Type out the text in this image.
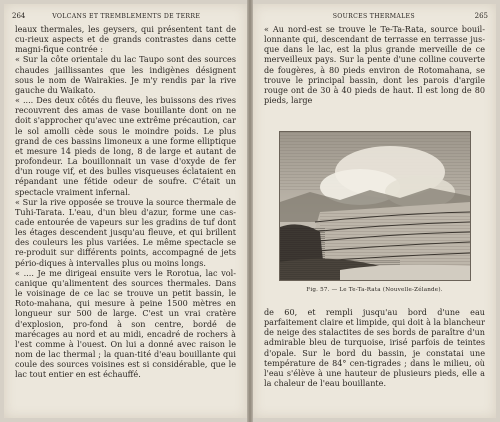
264	VOLCANS ET TREMBLEMENTS DE TERRE

leaux thermales, les geysers, qui présentent tant de cu-rieux aspects et de grands contrastes dans cette magni-fique contrée :

« Sur la côte orientale du lac Taupo sont des sources chaudes jaillissantes que les indigènes désignent sous le nom de Wairakies. Je m'y rendis par la rive gauche du Waikato.

« .... Des deux côtés du fleuve, les buissons des rives recouvrent des amas de vase bouillante dont on ne doit s'approcher qu'avec une extrême précaution, car le sol amolli cède sous le moindre poids. Le plus grand de ces bassins limoneux a une forme elliptique et mesure 14 pieds de long, 8 de large et autant de profondeur. La bouillonnait un vase d'oxyde de fer d'un rouge vif, et des bulles visqueuses éclataient en répandant une fétide odeur de soufre. C'était un spectacle vraiment infernal.

« Sur la rive opposée se trouve la source thermale de Tuhi-Tarata. L'eau, d'un bleu d'azur, forme une cas-cade entourée de vapeurs sur les gradins de tuf dont les étages descendent jusqu'au fleuve, et qui brillent des couleurs les plus variées. Le même spectacle se re-produit sur différents points, accompagné de jets pério-diques à intervalles plus ou moins longs.

« .... Je me dirigeai ensuite vers le Rorotua, lac vol-canique qu'alimentent des sources thermales. Dans le voisinage de ce lac se trouve un petit bassin, le Roto-mahana, qui mesure à peine 1500 mètres en longueur sur 500 de large. C'est un vrai cratère d'explosion, pro-fond à son centre, bordé de marécages au nord et au midi, encadré de rochers à l'est comme à l'ouest. On lui a donné avec raison le nom de lac thermal ; la quan-tité d'eau bouillante qui coule des sources voisines est si considérable, que le lac tout entier en est échauffé.

SOURCES THERMALES	265

« Au nord-est se trouve le Te-Ta-Rata, source bouil-lonnante qui, descendant de terrasse en terrasse jus-que dans le lac, est la plus grande merveille de ce merveilleux pays. Sur la pente d'une colline couverte de fougères, à 80 pieds environ de Rotomahana, se trouve le principal bassin, dont les parois d'argile rouge ont de 30 à 40 pieds de haut. Il est long de 80 pieds, large

Fig. 57. — Le Te-Ta-Rata (Nouvelle-Zélande).

de 60, et rempli jusqu'au bord d'une eau parfaitement claire et limpide, qui doit à la blancheur de neige des stalactites de ses bords de paraître d'un admirable bleu de turquoise, irisé parfois de teintes d'opale. Sur le bord du bassin, je constatai une température de 84° cen-tigrades ; dans le milieu, où l'eau s'élève à une hauteur de plusieurs pieds, elle a la chaleur de l'eau bouillante.
